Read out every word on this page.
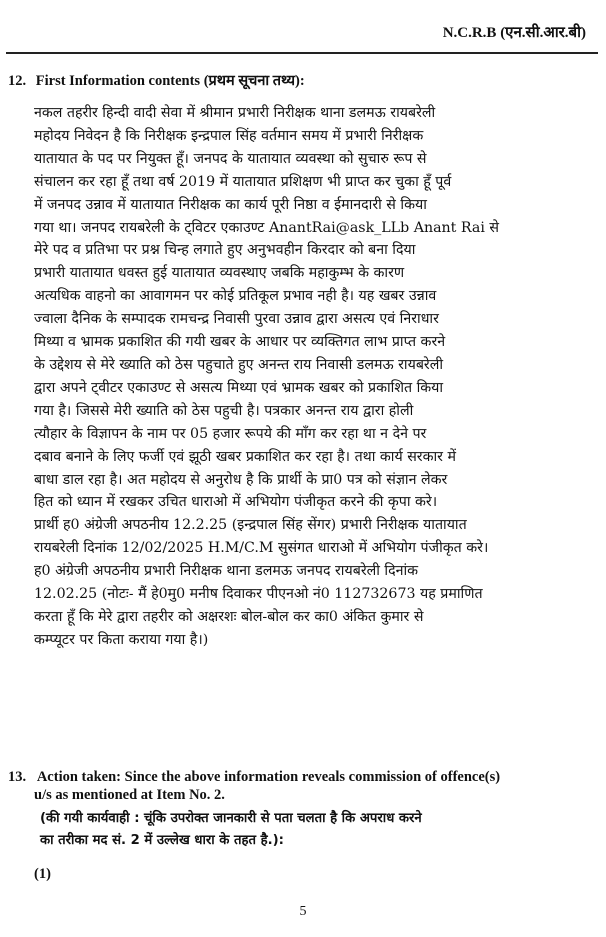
N.C.R.B (एन.सी.आर.बी)
12. First Information contents (प्रथम सूचना तथ्य):
नकल तहरीर हिन्दी वादी सेवा में श्रीमान प्रभारी निरीक्षक थाना डलमऊ रायबरेली
महोदय निवेदन है कि निरीक्षक इन्द्रपाल सिंह वर्तमान समय में प्रभारी निरीक्षक
यातायात के पद पर नियुक्त हूँ। जनपद के यातायात व्यवस्था को सुचारु रूप से
संचालन कर रहा हूँ तथा वर्ष 2019 में यातायात प्रशिक्षण भी प्राप्त कर चुका हूँ पूर्व
में जनपद उन्नाव में यातायात निरीक्षक का कार्य पूरी निष्ठा व ईमानदारी से किया
गया था। जनपद रायबरेली के ट्विटर एकाउण्ट AnantRai@ask_LLb Anant Rai से
मेरे पद व प्रतिभा पर प्रश्न चिन्ह लगाते हुए अनुभवहीन किरदार को बना दिया
प्रभारी यातायात धवस्त हुई यातायात व्यवस्थाए जबकि महाकुम्भ के कारण
अत्यधिक वाहनो का आवागमन पर कोई प्रतिकूल प्रभाव नही है। यह खबर उन्नाव
ज्वाला दैनिक के सम्पादक रामचन्द्र निवासी पुरवा उन्नाव द्वारा असत्य एवं निराधार
मिथ्या व भ्रामक प्रकाशित की गयी खबर के आधार पर व्यक्तिगत लाभ प्राप्त करने
के उद्देशय से मेरे ख्याति को ठेस पहुचाते हुए अनन्त राय निवासी डलमऊ रायबरेली
द्वारा अपने ट्वीटर एकाउण्ट से असत्य मिथ्या एवं भ्रामक खबर को प्रकाशित किया
गया है। जिससे मेरी ख्याति को ठेस पहुची है। पत्रकार अनन्त राय द्वारा होली
त्यौहार के विज्ञापन के नाम पर 05 हजार रूपये की माँग कर रहा था न देने पर
दबाव बनाने के लिए फर्जी एवं झूठी खबर प्रकाशित कर रहा है। तथा कार्य सरकार में
बाधा डाल रहा है। अत महोदय से अनुरोध है कि प्रार्थी के प्रा0 पत्र को संज्ञान लेकर
हित को ध्यान में रखकर उचित धाराओ में अभियोग पंजीकृत करने की कृपा करे।
प्रार्थी ह0 अंग्रेजी अपठनीय 12.2.25 (इन्द्रपाल सिंह सेंगर) प्रभारी निरीक्षक यातायात
रायबरेली दिनांक 12/02/2025 H.M/C.M सुसंगत धाराओ में अभियोग पंजीकृत करे।
ह0 अंग्रेजी अपठनीय प्रभारी निरीक्षक थाना डलमऊ जनपद रायबरेली दिनांक
12.02.25 (नोटः- मैं हे0मु0 मनीष दिवाकर पीएनओ नं0 112732673 यह प्रमाणित
करता हूँ कि मेरे द्वारा तहरीर को अक्षरशः बोल-बोल कर का0 अंकित कुमार से
कम्प्यूटर पर किता कराया गया है।)
13. Action taken: Since the above information reveals commission of offence(s)
u/s as mentioned at Item No. 2.
(की गयी कार्यवाही : चूंकि उपरोक्त जानकारी से पता चलता है कि अपराध करने
का तरीका मद सं. 2 में उल्लेख धारा के तहत है.):
(1)
5
